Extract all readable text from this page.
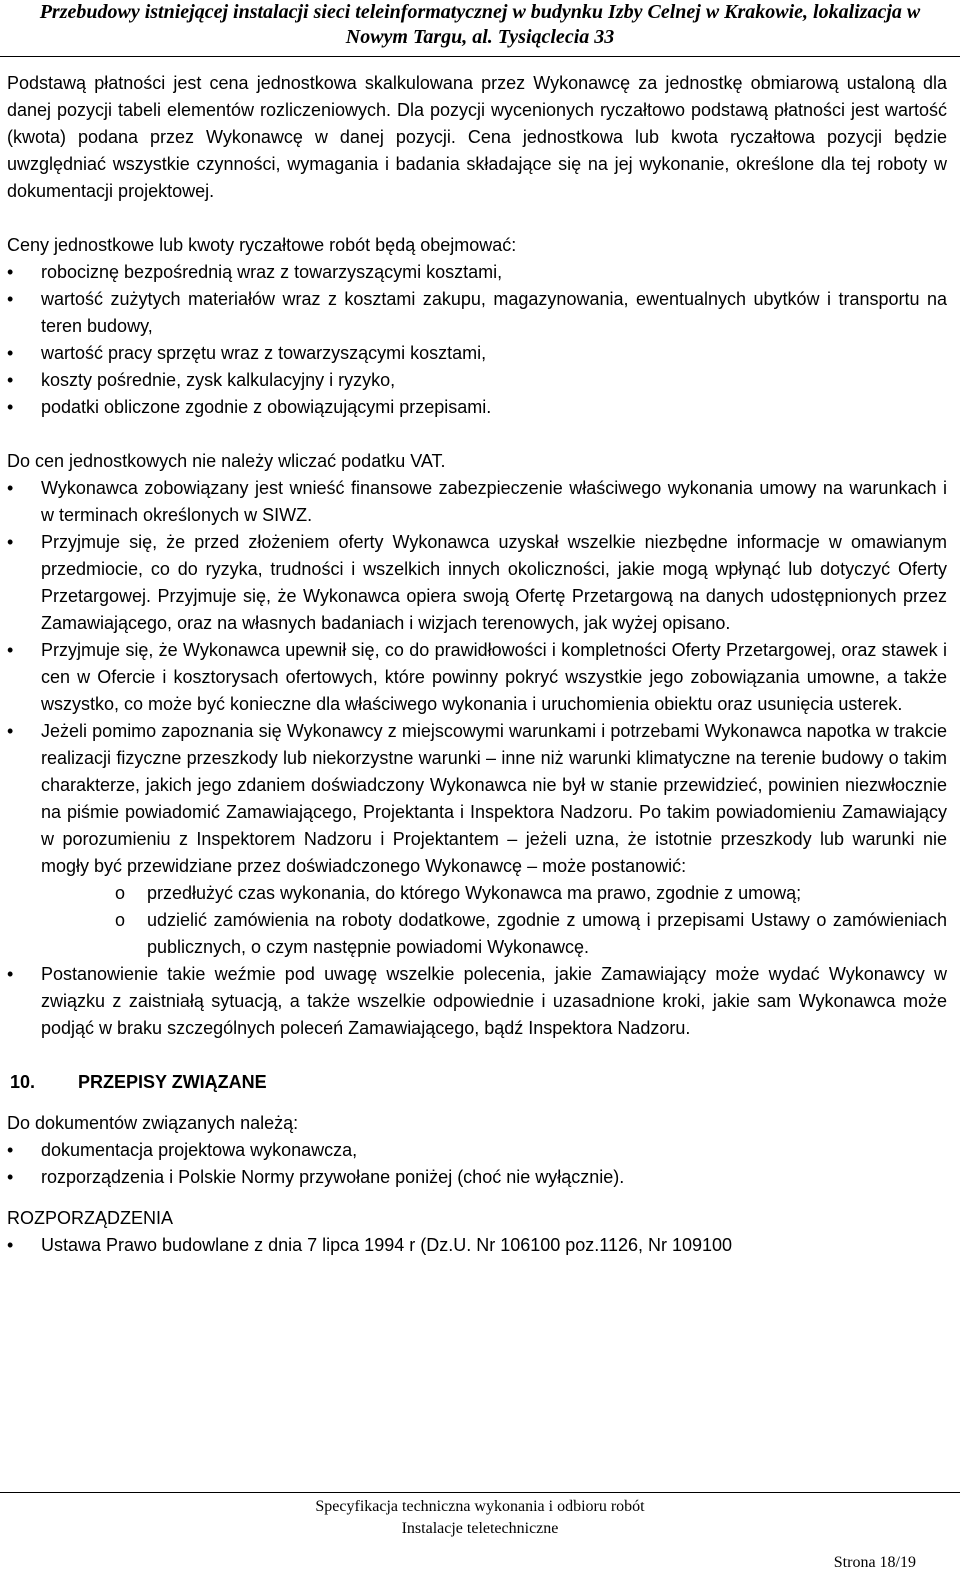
Przebudowy istniejącej instalacji sieci teleinformatycznej w budynku Izby Celnej w Krakowie, lokalizacja w
Nowym Targu, al. Tysiąclecia 33

Podstawą płatności jest cena jednostkowa skalkulowana przez Wykonawcę za jednostkę obmiarową ustaloną dla danej pozycji tabeli elementów rozliczeniowych. Dla pozycji wycenionych ryczałtowo podstawą płatności jest wartość (kwota) podana przez Wykonawcę w danej pozycji. Cena jednostkowa lub kwota ryczałtowa pozycji będzie uwzględniać wszystkie czynności, wymagania i badania składające się na jej wykonanie, określone dla tej roboty w dokumentacji projektowej.

Ceny jednostkowe lub kwoty ryczałtowe robót będą obejmować:

• robociznę bezpośrednią wraz z towarzyszącymi kosztami,
• wartość zużytych materiałów wraz z kosztami zakupu, magazynowania, ewentualnych ubytków i transportu na teren budowy,
• wartość pracy sprzętu wraz z towarzyszącymi kosztami,
• koszty pośrednie, zysk kalkulacyjny i ryzyko,
• podatki obliczone zgodnie z obowiązującymi przepisami.

Do cen jednostkowych nie należy wliczać podatku VAT.

• Wykonawca zobowiązany jest wnieść finansowe zabezpieczenie właściwego wykonania umowy na warunkach i w terminach określonych w SIWZ.
• Przyjmuje się, że przed złożeniem oferty Wykonawca uzyskał wszelkie niezbędne informacje w omawianym przedmiocie, co do ryzyka, trudności i wszelkich innych okoliczności, jakie mogą wpłynąć lub dotyczyć Oferty Przetargowej. Przyjmuje się, że Wykonawca opiera swoją Ofertę Przetargową na danych udostępnionych przez Zamawiającego, oraz na własnych badaniach i wizjach terenowych, jak wyżej opisano.
• Przyjmuje się, że Wykonawca upewnił się, co do prawidłowości i kompletności Oferty Przetargowej, oraz stawek i cen w Ofercie i kosztorysach ofertowych, które powinny pokryć wszystkie jego zobowiązania umowne, a także wszystko, co może być konieczne dla właściwego wykonania i uruchomienia obiektu oraz usunięcia usterek.
• Jeżeli pomimo zapoznania się Wykonawcy z miejscowymi warunkami i potrzebami Wykonawca napotka w trakcie realizacji fizyczne przeszkody lub niekorzystne warunki – inne niż warunki klimatyczne na terenie budowy o takim charakterze, jakich jego zdaniem doświadczony Wykonawca nie był w stanie przewidzieć, powinien niezwłocznie na piśmie powiadomić Zamawiającego, Projektanta i Inspektora Nadzoru. Po takim powiadomieniu Zamawiający w porozumieniu z Inspektorem Nadzoru i Projektantem – jeżeli uzna, że istotnie przeszkody lub warunki nie mogły być przewidziane przez doświadczonego Wykonawcę – może postanowić:
o przedłużyć czas wykonania, do którego Wykonawca ma prawo, zgodnie z umową;
o udzielić zamówienia na roboty dodatkowe, zgodnie z umową i przepisami Ustawy o zamówieniach publicznych, o czym następnie powiadomi Wykonawcę.
• Postanowienie takie weźmie pod uwagę wszelkie polecenia, jakie Zamawiający może wydać Wykonawcy w związku z zaistniałą sytuacją, a także wszelkie odpowiednie i uzasadnione kroki, jakie sam Wykonawca może podjąć w braku szczególnych poleceń Zamawiającego, bądź Inspektora Nadzoru.
10.	PRZEPISY ZWIĄZANE

Do dokumentów związanych należą:

• dokumentacja projektowa wykonawcza,
• rozporządzenia i Polskie Normy przywołane poniżej (choć nie wyłącznie).

ROZPORZĄDZENIA

• Ustawa Prawo budowlane z dnia 7 lipca 1994 r (Dz.U. Nr 106100 poz.1126, Nr 109100
Specyfikacja techniczna wykonania i odbioru robót
Instalacje teletechniczne
Strona 18/19
